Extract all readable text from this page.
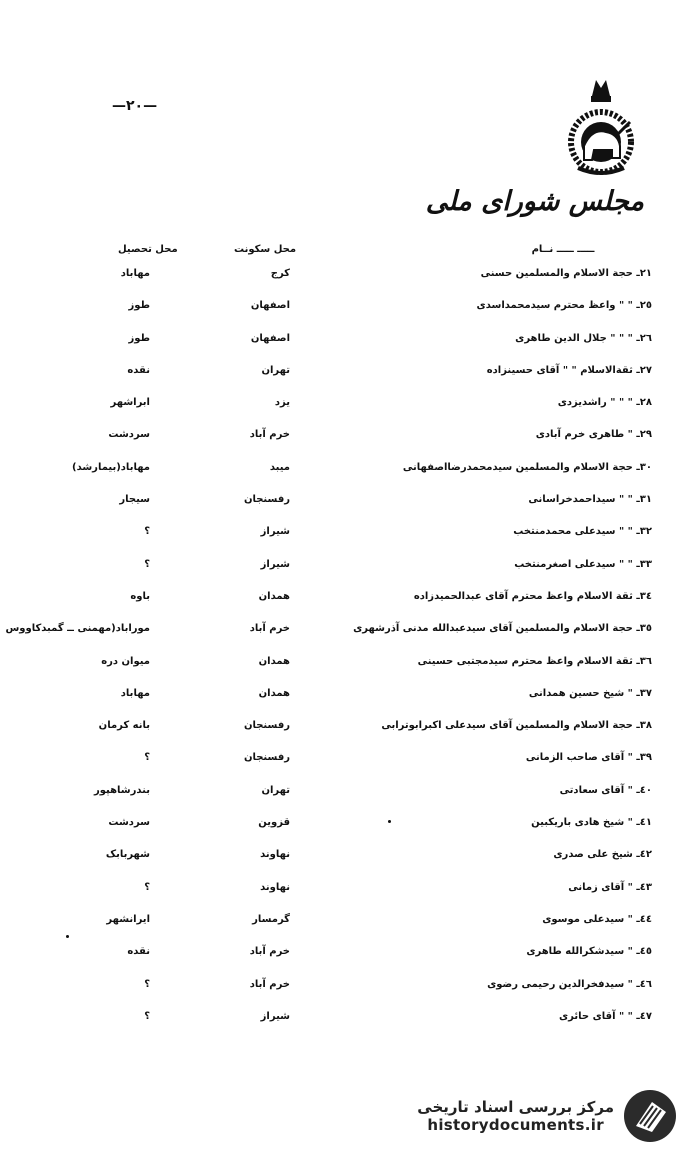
—٢٠—
مجلس شورای ملی
ـــــ ـــــ نــام
محل سکونت
محل تحصیل
٢١ـ حجة الاسلام والمسلمین حسنی
کرج
مهاباد
٢٥ـ " " واعظ محترم سیدمحمداسدی
اصفهان
طوز
٢٦ـ " " " جلال الدین طاهری
اصفهان
طوز
٢٧ـ ثقةالاسلام " " آقای حسینزاده
تهران
نقده
٢٨ـ " " " راشدیزدی
یزد
ابراشهر
٢٩ـ " طاهری خرم آبادی
خرم آباد
سردشت
٣٠ـ حجة الاسلام والمسلمین سیدمحمدرضااصفهانی
میبد
مهاباد(بیمارشد)
٣١ـ " " سیداحمدخراسانی
رفسنجان
سیجار
٣٢ـ " " سیدعلی محمدمنتخب
شیراز
؟
٣٣ـ " " سیدعلی اصغرمنتخب
شیراز
؟
٣٤ـ ثقة الاسلام واعظ محترم آقای عبدالحمیدزاده
همدان
باوه
٣٥ـ حجة الاسلام والمسلمین آقای سیدعبدالله مدنی آذرشهری
خرم آباد
موراباد(مهمنی ــ گمبدکاووس
٣٦ـ ثقة الاسلام واعظ محترم سیدمجتبی حسینی
همدان
میوان دره
٣٧ـ " شیخ حسین همدانی
همدان
مهاباد
٣٨ـ حجة الاسلام والمسلمین آقای سیدعلی اکبرابوترابی
رفسنجان
بانه کرمان
٣٩ـ " آقای صاحب الزمانی
رفسنجان
؟
٤٠ـ " آقای سعادتی
تهران
بندرشاهپور
٤١ـ " شیخ هادی باریکبین
قزوین
سردشت
٤٢ـ شیخ علی صدری
نهاوند
شهربابک
٤٣ـ " آقای زمانی
نهاوند
؟
٤٤ـ " سیدعلی موسوی
گرمسار
ایرانشهر
٤٥ـ " سیدشکرالله طاهری
خرم آباد
نقده
٤٦ـ " سیدفخرالدین رحیمی رضوی
خرم آباد
؟
٤٧ـ " " آقای حائری
شیراز
؟
مرکز بررسی اسناد تاریخی
historydocuments.ir
